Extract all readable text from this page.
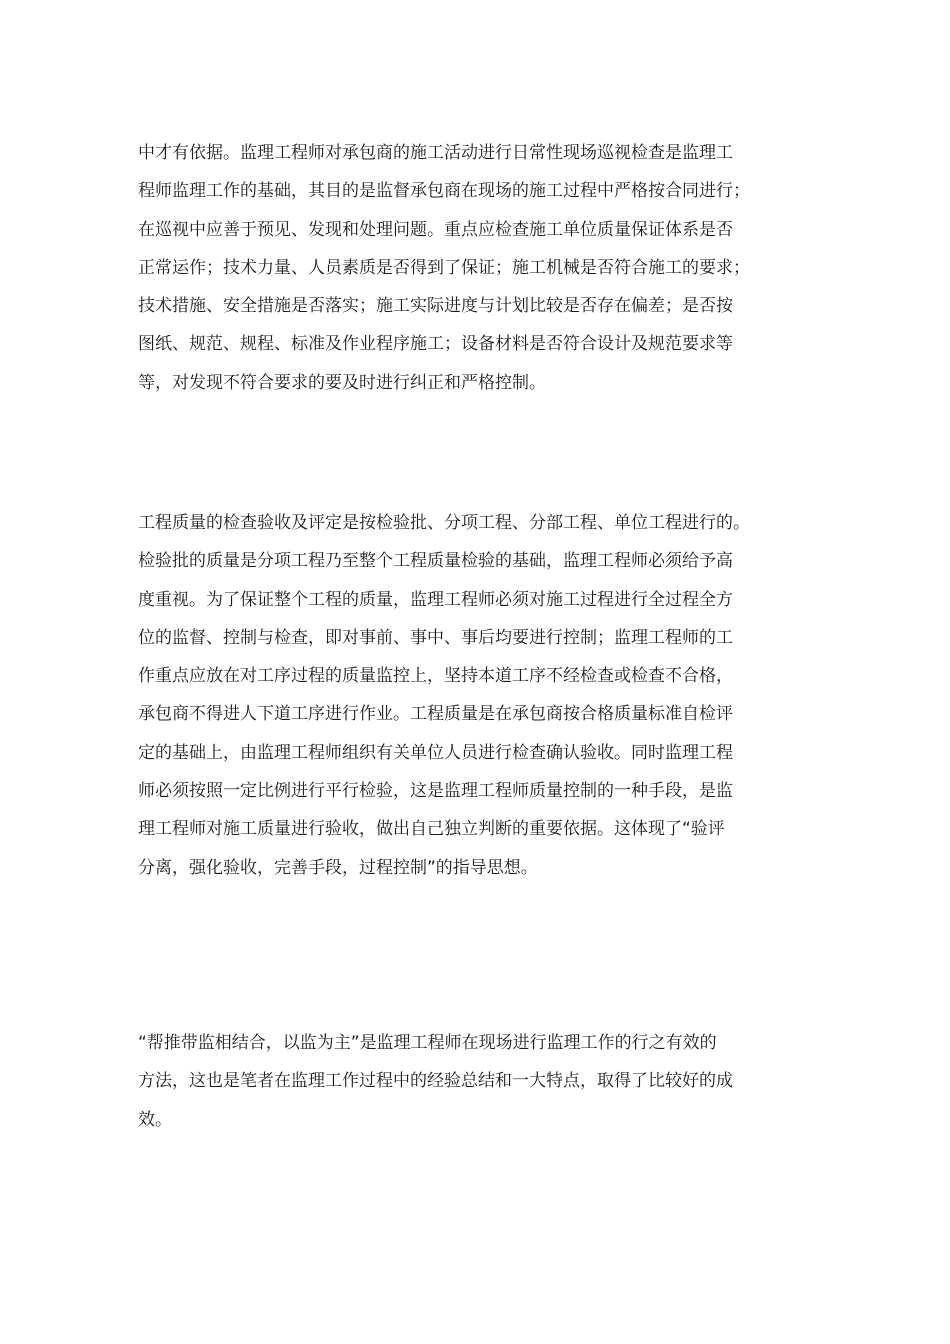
中才有依据。监理工程师对承包商的施工活动进行日常性现场巡视检查是监理工
程师监理工作的基础，其目的是监督承包商在现场的施工过程中严格按合同进行；
在巡视中应善于预见、发现和处理问题。重点应检查施工单位质量保证体系是否
正常运作；技术力量、人员素质是否得到了保证；施工机械是否符合施工的要求；
技术措施、安全措施是否落实；施工实际进度与计划比较是否存在偏差；是否按
图纸、规范、规程、标准及作业程序施工；设备材料是否符合设计及规范要求等
等，对发现不符合要求的要及时进行纠正和严格控制。
工程质量的检查验收及评定是按检验批、分项工程、分部工程、单位工程进行的。
检验批的质量是分项工程乃至整个工程质量检验的基础，监理工程师必须给予高
度重视。为了保证整个工程的质量，监理工程师必须对施工过程进行全过程全方
位的监督、控制与检查，即对事前、事中、事后均要进行控制；监理工程师的工
作重点应放在对工序过程的质量监控上，坚持本道工序不经检查或检查不合格，
承包商不得进人下道工序进行作业。工程质量是在承包商按合格质量标准自检评
定的基础上，由监理工程师组织有关单位人员进行检查确认验收。同时监理工程
师必须按照一定比例进行平行检验，这是监理工程师质量控制的一种手段，是监
理工程师对施工质量进行验收，做出自己独立判断的重要依据。这体现了“验评
分离，强化验收，完善手段，过程控制”的指导思想。
“帮推带监相结合，以监为主”是监理工程师在现场进行监理工作的行之有效的
方法，这也是笔者在监理工作过程中的经验总结和一大特点，取得了比较好的成
效。
